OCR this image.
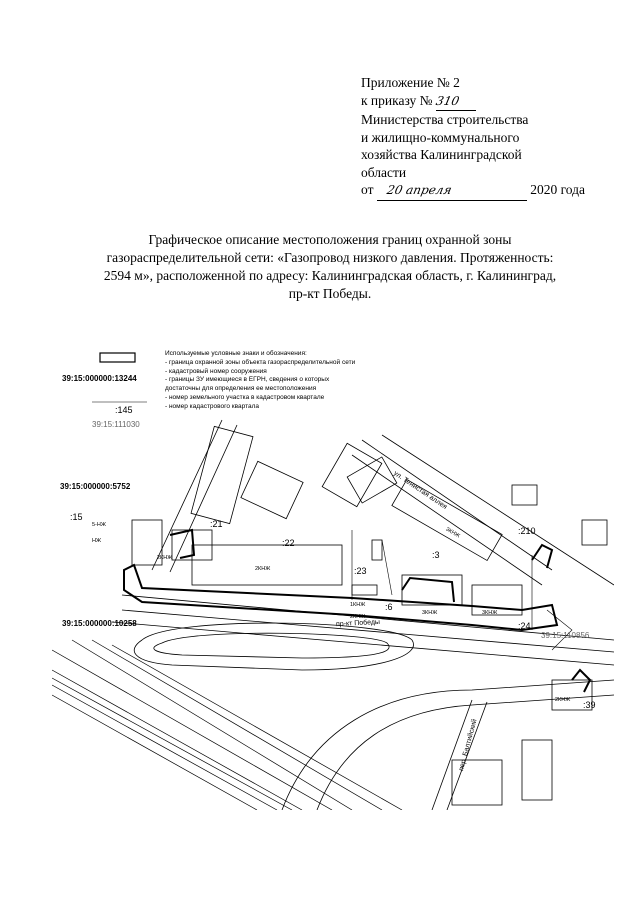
Приложение № 2
к приказу № 310
Министерства строительства
и жилищно-коммунального
хозяйства Калининградской
области
от 20 апреля	2020 года
Графическое описание местоположения границ охранной зоны газораспределительной сети: «Газопровод низкого давления. Протяженность: 2594 м», расположенной по адресу: Калининградская область, г. Калининград, пр-кт Победы.
Используемые условные знаки и обозначения:
- граница охранной зоны объекта газораспределительной сети
- кадастровый номер сооружения
- границы ЗУ имеющиеся в ЕГРН, сведения о которых
достаточны для определения ее местоположения
- номер земельного участка в кадастровом квартале
- номер кадастрового квартала
39:15:000000:13244
:145
39:15:111030
39:15:000000:5752
39:15:000000:10258
39:15:110856
:15
:21
:22
:23
:3
:6
:210
:24
:39
пр-кт Победы
ул. Тенистая аллея
пер. Балтийский
5-НЖ
НЖ
2КНЖ
2КНЖ
1КНЖ
2КНЖ
3КНЖ	3КНЖ
3КНЖ
2КНЖ
